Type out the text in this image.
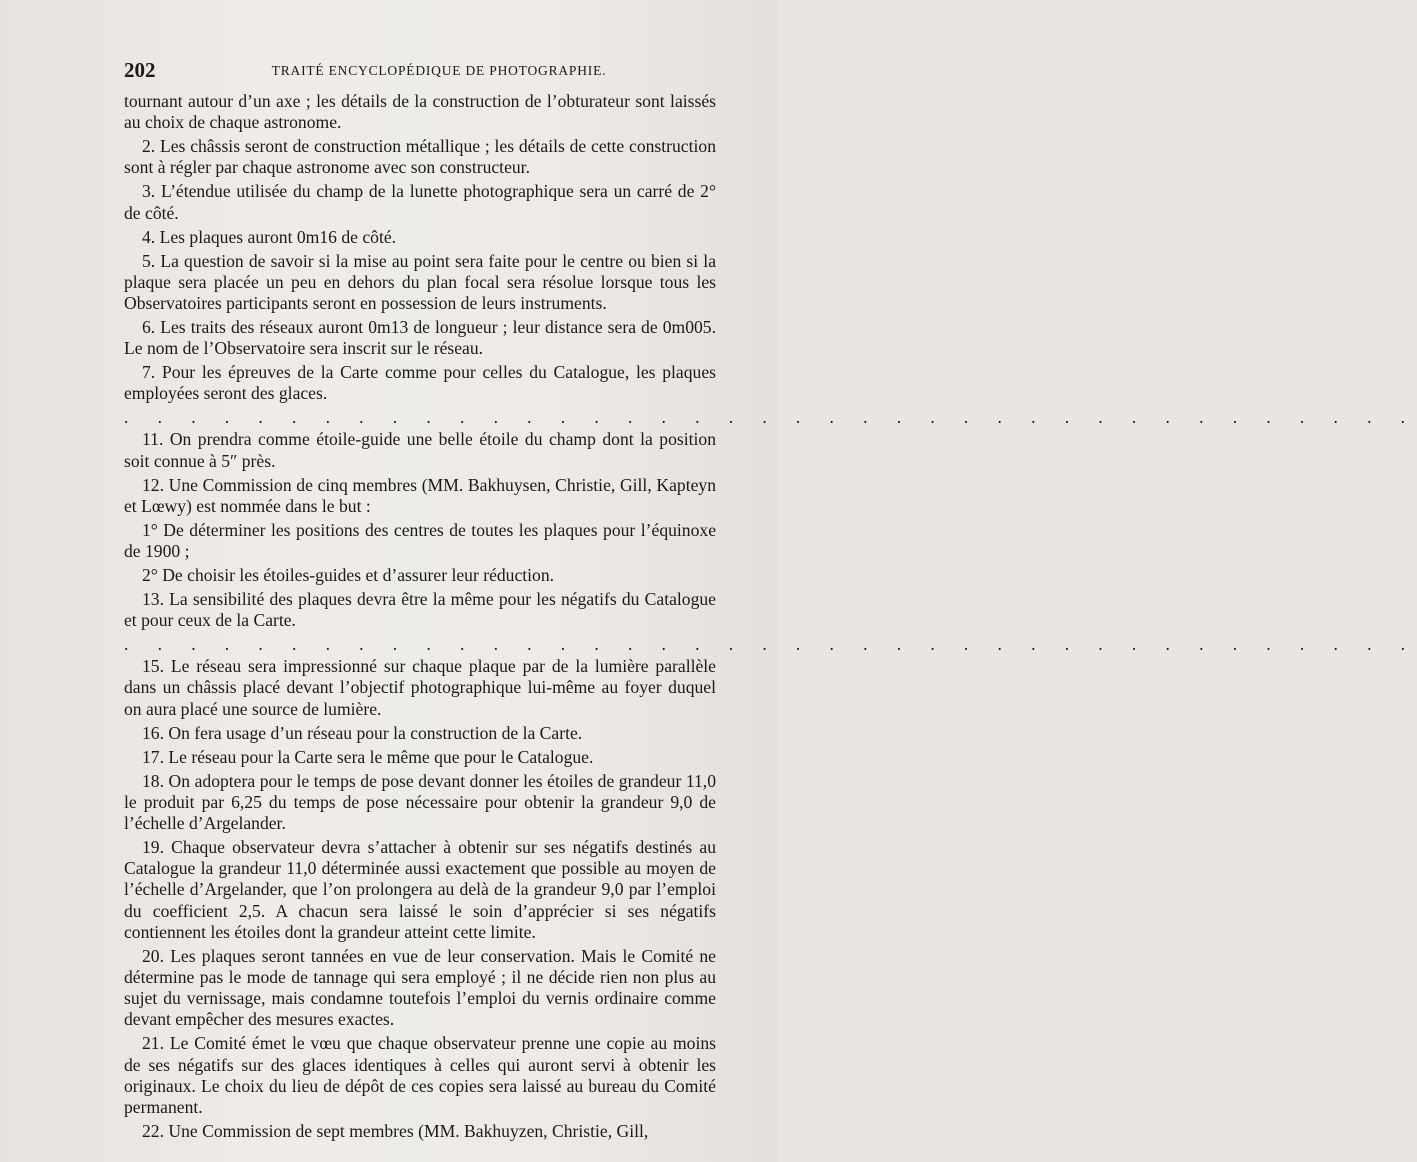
202	TRAITÉ ENCYCLOPÉDIQUE DE PHOTOGRAPHIE.

tournant autour d’un axe ; les détails de la construction de l’obturateur sont laissés au choix de chaque astronome.

2. Les châssis seront de construction métallique ; les détails de cette construction sont à régler par chaque astronome avec son constructeur.

3. L’étendue utilisée du champ de la lunette photographique sera un carré de 2° de côté.

4. Les plaques auront 0m16 de côté.

5. La question de savoir si la mise au point sera faite pour le centre ou bien si la plaque sera placée un peu en dehors du plan focal sera résolue lorsque tous les Observatoires participants seront en possession de leurs instruments.

6. Les traits des réseaux auront 0m13 de longueur ; leur distance sera de 0m005. Le nom de l’Observatoire sera inscrit sur le réseau.

7. Pour les épreuves de la Carte comme pour celles du Catalogue, les plaques employées seront des glaces.

. . . . . . . . . . . . . . . . . . . . . . . . . . . . . . . . . . . . . . .

11. On prendra comme étoile-guide une belle étoile du champ dont la position soit connue à 5″ près.

12. Une Commission de cinq membres (MM. Bakhuysen, Christie, Gill, Kapteyn et Lœwy) est nommée dans le but :

1° De déterminer les positions des centres de toutes les plaques pour l’équinoxe de 1900 ;

2° De choisir les étoiles-guides et d’assurer leur réduction.

13. La sensibilité des plaques devra être la même pour les négatifs du Catalogue et pour ceux de la Carte.

. . . . . . . . . . . . . . . . . . . . . . . . . . . . . . . . . . . . . . .

15. Le réseau sera impressionné sur chaque plaque par de la lumière parallèle dans un châssis placé devant l’objectif photographique lui-même au foyer duquel on aura placé une source de lumière.

16. On fera usage d’un réseau pour la construction de la Carte.

17. Le réseau pour la Carte sera le même que pour le Catalogue.

18. On adoptera pour le temps de pose devant donner les étoiles de grandeur 11,0 le produit par 6,25 du temps de pose nécessaire pour obtenir la grandeur 9,0 de l’échelle d’Argelander.

19. Chaque observateur devra s’attacher à obtenir sur ses négatifs destinés au Catalogue la grandeur 11,0 déterminée aussi exactement que possible au moyen de l’échelle d’Argelander, que l’on prolongera au delà de la grandeur 9,0 par l’emploi du coefficient 2,5. A chacun sera laissé le soin d’apprécier si ses négatifs contiennent les étoiles dont la grandeur atteint cette limite.

20. Les plaques seront tannées en vue de leur conservation. Mais le Comité ne détermine pas le mode de tannage qui sera employé ; il ne décide rien non plus au sujet du vernissage, mais condamne toutefois l’emploi du vernis ordinaire comme devant empêcher des mesures exactes.

21. Le Comité émet le vœu que chaque observateur prenne une copie au moins de ses négatifs sur des glaces identiques à celles qui auront servi à obtenir les originaux. Le choix du lieu de dépôt de ces copies sera laissé au bureau du Comité permanent.

22. Une Commission de sept membres (MM. Bakhuyzen, Christie, Gill,
